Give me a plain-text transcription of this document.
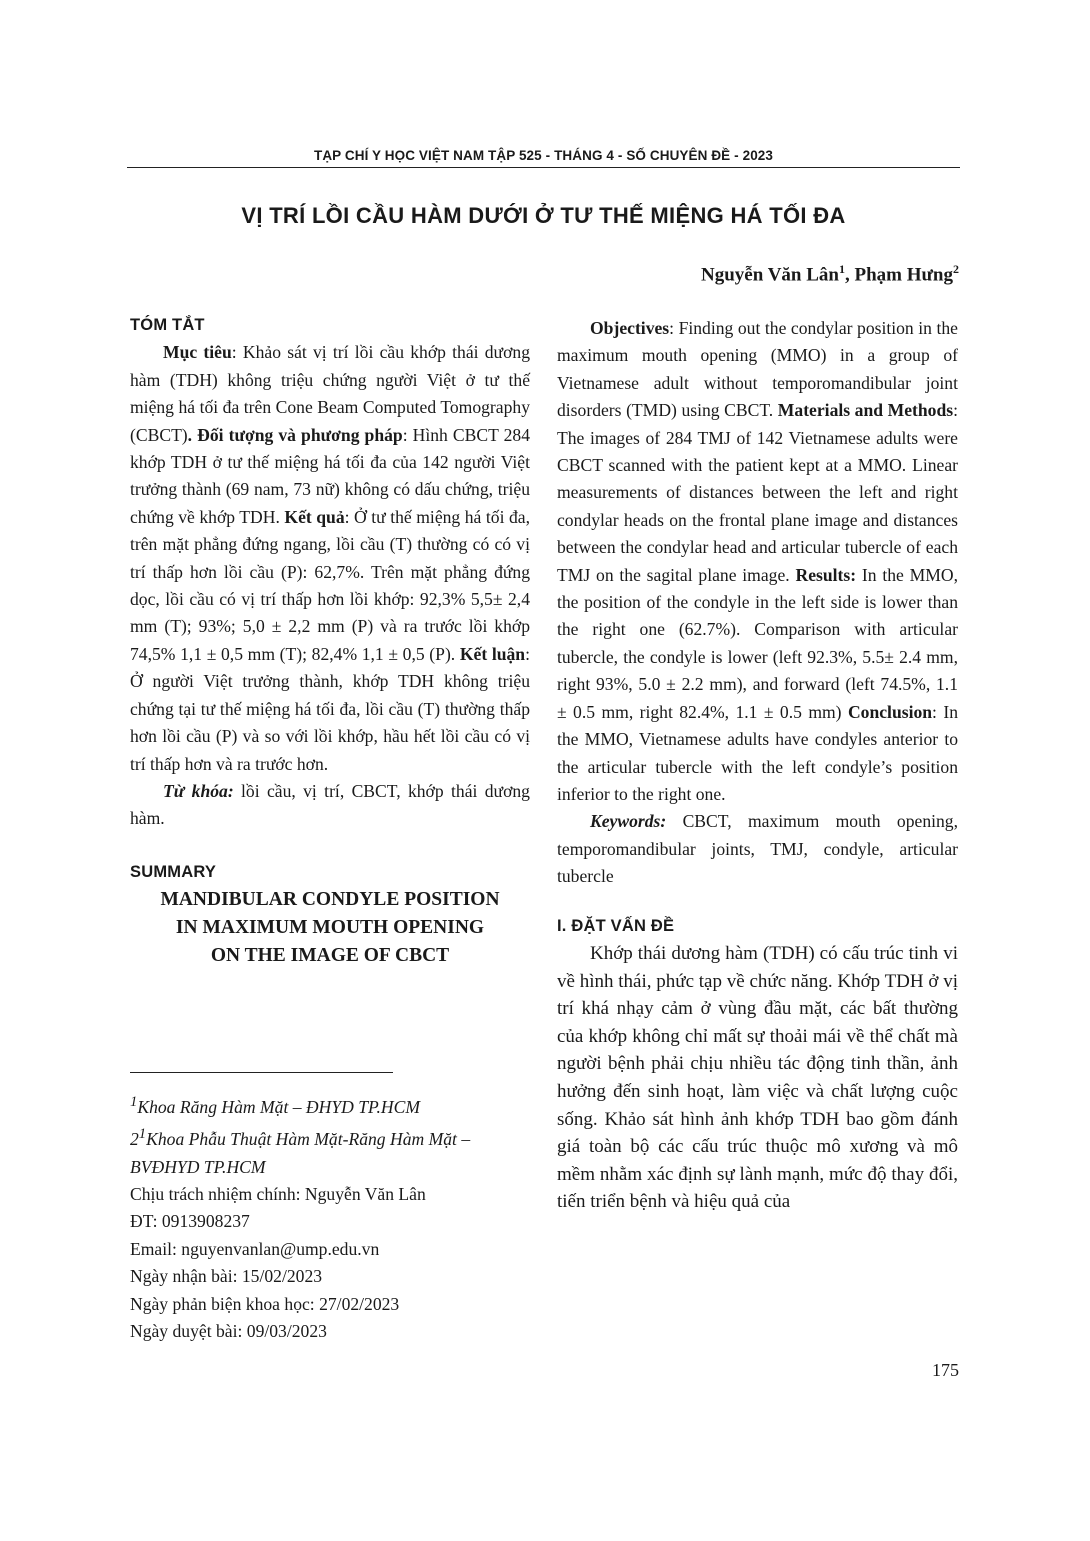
TẠP CHÍ Y HỌC VIỆT NAM TẬP 525 - THÁNG 4 - SỐ CHUYÊN ĐỀ - 2023
VỊ TRÍ LỒI CẦU HÀM DƯỚI Ở TƯ THẾ MIỆNG HÁ TỐI ĐA
Nguyễn Văn Lân$^1$, Phạm Hưng$^2$

TÓM TẮT

Mục tiêu: Khảo sát vị trí lồi cầu khớp thái dương hàm (TDH) không triệu chứng người Việt ở tư thế miệng há tối đa trên Cone Beam Computed Tomography (CBCT). Đối tượng và phương pháp: Hình CBCT 284 khớp TDH ở tư thế miệng há tối đa của 142 người Việt trưởng thành (69 nam, 73 nữ) không có dấu chứng, triệu chứng về khớp TDH. Kết quả: Ở tư thế miệng há tối đa, trên mặt phẳng đứng ngang, lồi cầu (T) thường có có vị trí thấp hơn lồi cầu (P): 62,7%. Trên mặt phẳng đứng dọc, lồi cầu có vị trí thấp hơn lồi khớp: 92,3% 5,5± 2,4 mm (T); 93%; 5,0 ± 2,2 mm (P) và ra trước lồi khớp 74,5% 1,1 ± 0,5 mm (T); 82,4% 1,1 ± 0,5 (P). Kết luận: Ở người Việt trưởng thành, khớp TDH không triệu chứng tại tư thế miệng há tối đa, lồi cầu (T) thường thấp hơn lồi cầu (P) và so với lồi khớp, hầu hết lồi cầu có vị trí thấp hơn và ra trước hơn.

Từ khóa: lồi cầu, vị trí, CBCT, khớp thái dương hàm.

SUMMARY

MANDIBULAR CONDYLE POSITION

IN MAXIMUM MOUTH OPENING

ON THE IMAGE OF CBCT

$^1$Khoa Răng Hàm Mặt – ĐHYD TP.HCM

$2^1Khoa$ Phẫu Thuật Hàm Mặt-Răng Hàm Mặt – BVĐHYD TP.HCM

Chịu trách nhiệm chính: Nguyễn Văn Lân

ĐT: 0913908237

Email: nguyenvanlan@ump.edu.vn

Ngày nhận bài: 15/02/2023

Ngày phản biện khoa học: 27/02/2023

Ngày duyệt bài: 09/03/2023

Objectives: Finding out the condylar position in the maximum mouth opening (MMO) in a group of Vietnamese adult without temporomandibular joint disorders (TMD) using CBCT. Materials and Methods: The images of 284 TMJ of 142 Vietnamese adults were CBCT scanned with the patient kept at a MMO. Linear measurements of distances between the left and right condylar heads on the frontal plane image and distances between the condylar head and articular tubercle of each TMJ on the sagital plane image. Results: In the MMO, the position of the condyle in the left side is lower than the right one (62.7%). Comparison with articular tubercle, the condyle is lower (left 92.3%, 5.5± 2.4 mm, right 93%, 5.0 ± 2.2 mm), and forward (left 74.5%, 1.1 ± 0.5 mm, right 82.4%, 1.1 ± 0.5 mm) Conclusion: In the MMO, Vietnamese adults have condyles anterior to the articular tubercle with the left condyle’s position inferior to the right one.

Keywords: CBCT, maximum mouth opening, temporomandibular joints, TMJ, condyle, articular tubercle

I. ĐẶT VẤN ĐỀ

Khớp thái dương hàm (TDH) có cấu trúc tinh vi về hình thái, phức tạp về chức năng. Khớp TDH ở vị trí khá nhạy cảm ở vùng đầu mặt, các bất thường của khớp không chỉ mất sự thoải mái về thể chất mà người bệnh phải chịu nhiều tác động tinh thần, ảnh hưởng đến sinh hoạt, làm việc và chất lượng cuộc sống. Khảo sát hình ảnh khớp TDH bao gồm đánh giá toàn bộ các cấu trúc thuộc mô xương và mô mềm nhằm xác định sự lành mạnh, mức độ thay đổi, tiến triển bệnh và hiệu quả của

175
